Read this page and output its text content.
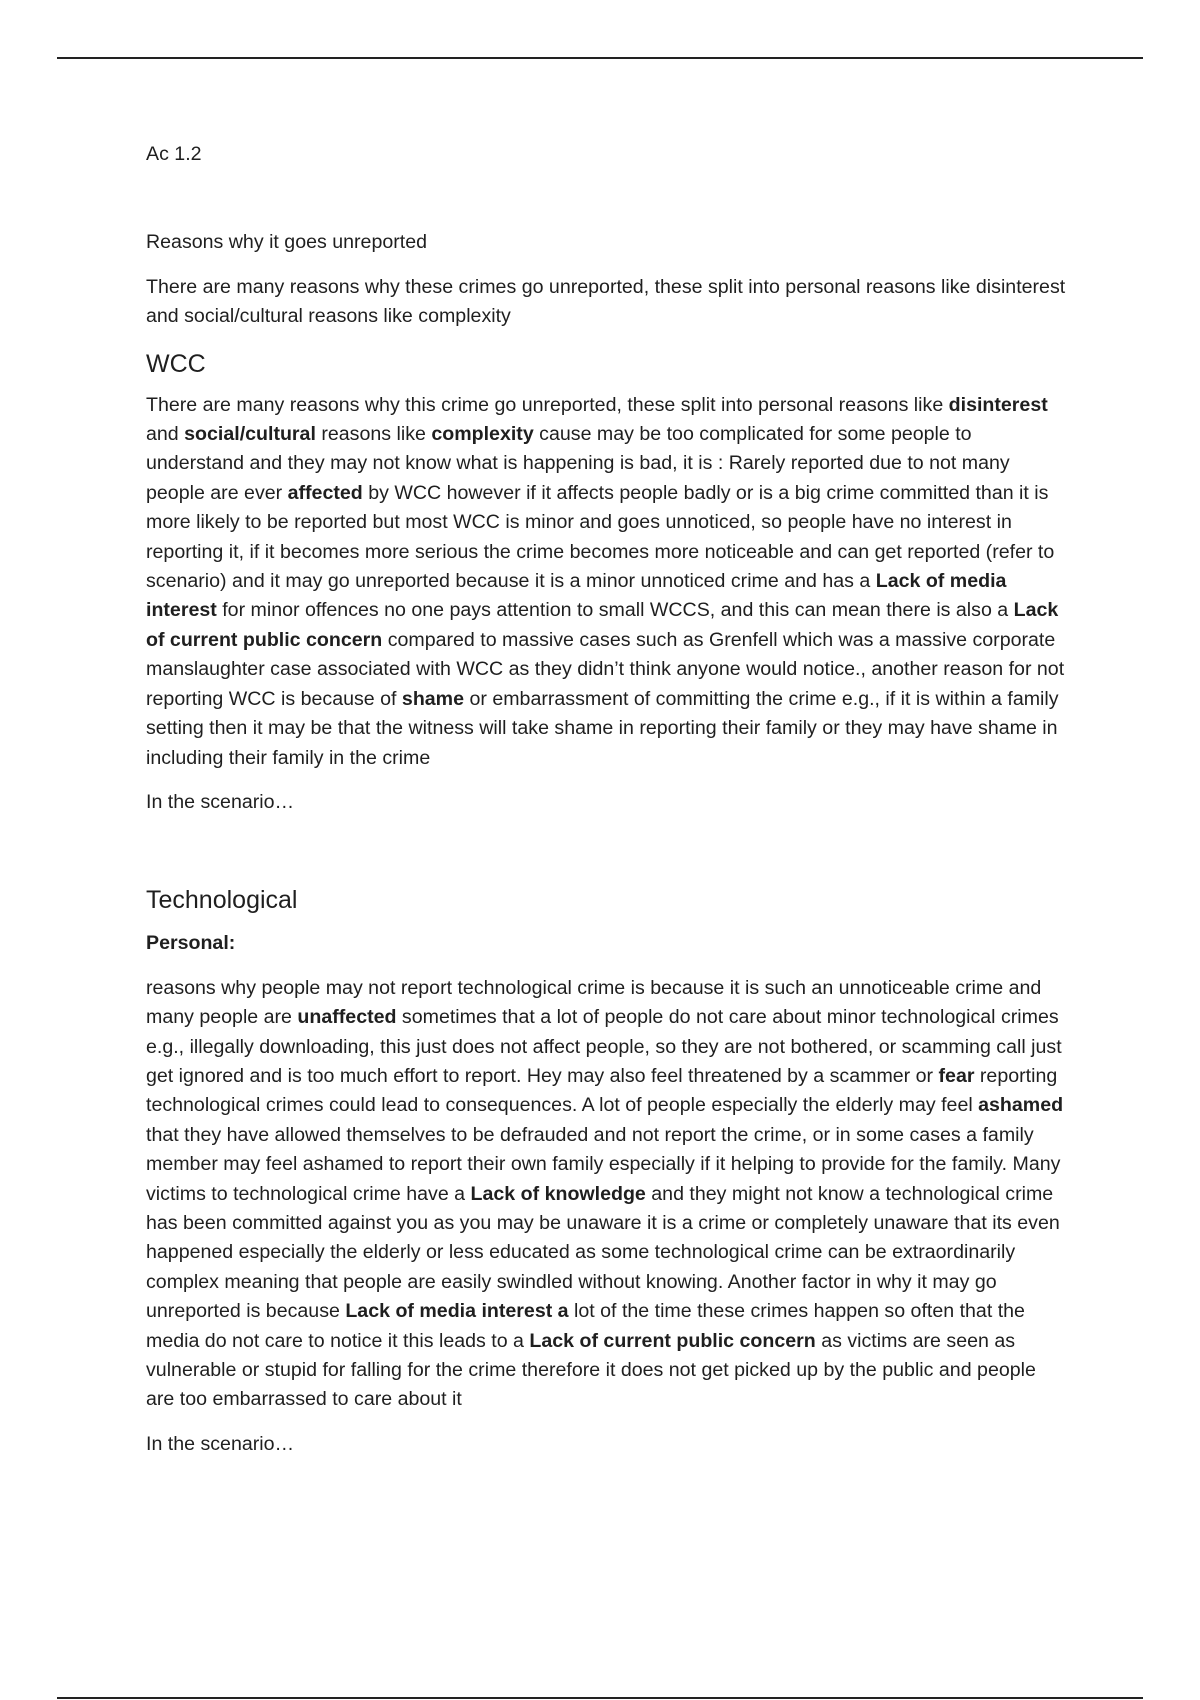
Ac 1.2

Reasons why it goes unreported

There are many reasons why these crimes go unreported, these split into personal reasons like disinterest and social/cultural reasons like complexity

WCC

There are many reasons why this crime go unreported, these split into personal reasons like disinterest and social/cultural reasons like complexity cause may be too complicated for some people to understand and they may not know what is happening is bad, it is : Rarely reported due to not many people are ever affected by WCC however if it affects people badly or is a big crime committed than it is more likely to be reported but most WCC is minor and goes unnoticed, so people have no interest in reporting it, if it becomes more serious the crime becomes more noticeable and can get reported (refer to scenario) and it may go unreported because it is a minor unnoticed crime and has a Lack of media interest for minor offences no one pays attention to small WCCS, and this can mean there is also a Lack of current public concern compared to massive cases such as Grenfell which was a massive corporate manslaughter case associated with WCC as they didn’t think anyone would notice., another reason for not reporting WCC is because of shame or embarrassment of committing the crime e.g., if it is within a family setting then it may be that the witness will take shame in reporting their family or they may have shame in including their family in the crime

In the scenario…

Technological

Personal:

reasons why people may not report technological crime is because it is such an unnoticeable crime and many people are unaffected sometimes that a lot of people do not care about minor technological crimes e.g., illegally downloading, this just does not affect people, so they are not bothered, or scamming call just get ignored and is too much effort to report. Hey may also feel threatened by a scammer or fear reporting technological crimes could lead to consequences. A lot of people especially the elderly may feel ashamed that they have allowed themselves to be defrauded and not report the crime, or in some cases a family member may feel ashamed to report their own family especially if it helping to provide for the family. Many victims to technological crime have a Lack of knowledge and they might not know a technological crime has been committed against you as you may be unaware it is a crime or completely unaware that its even happened especially the elderly or less educated as some technological crime can be extraordinarily complex meaning that people are easily swindled without knowing. Another factor in why it may go unreported is because Lack of media interest a lot of the time these crimes happen so often that the media do not care to notice it this leads to a Lack of current public concern as victims are seen as vulnerable or stupid for falling for the crime therefore it does not get picked up by the public and people are too embarrassed to care about it

In the scenario…
